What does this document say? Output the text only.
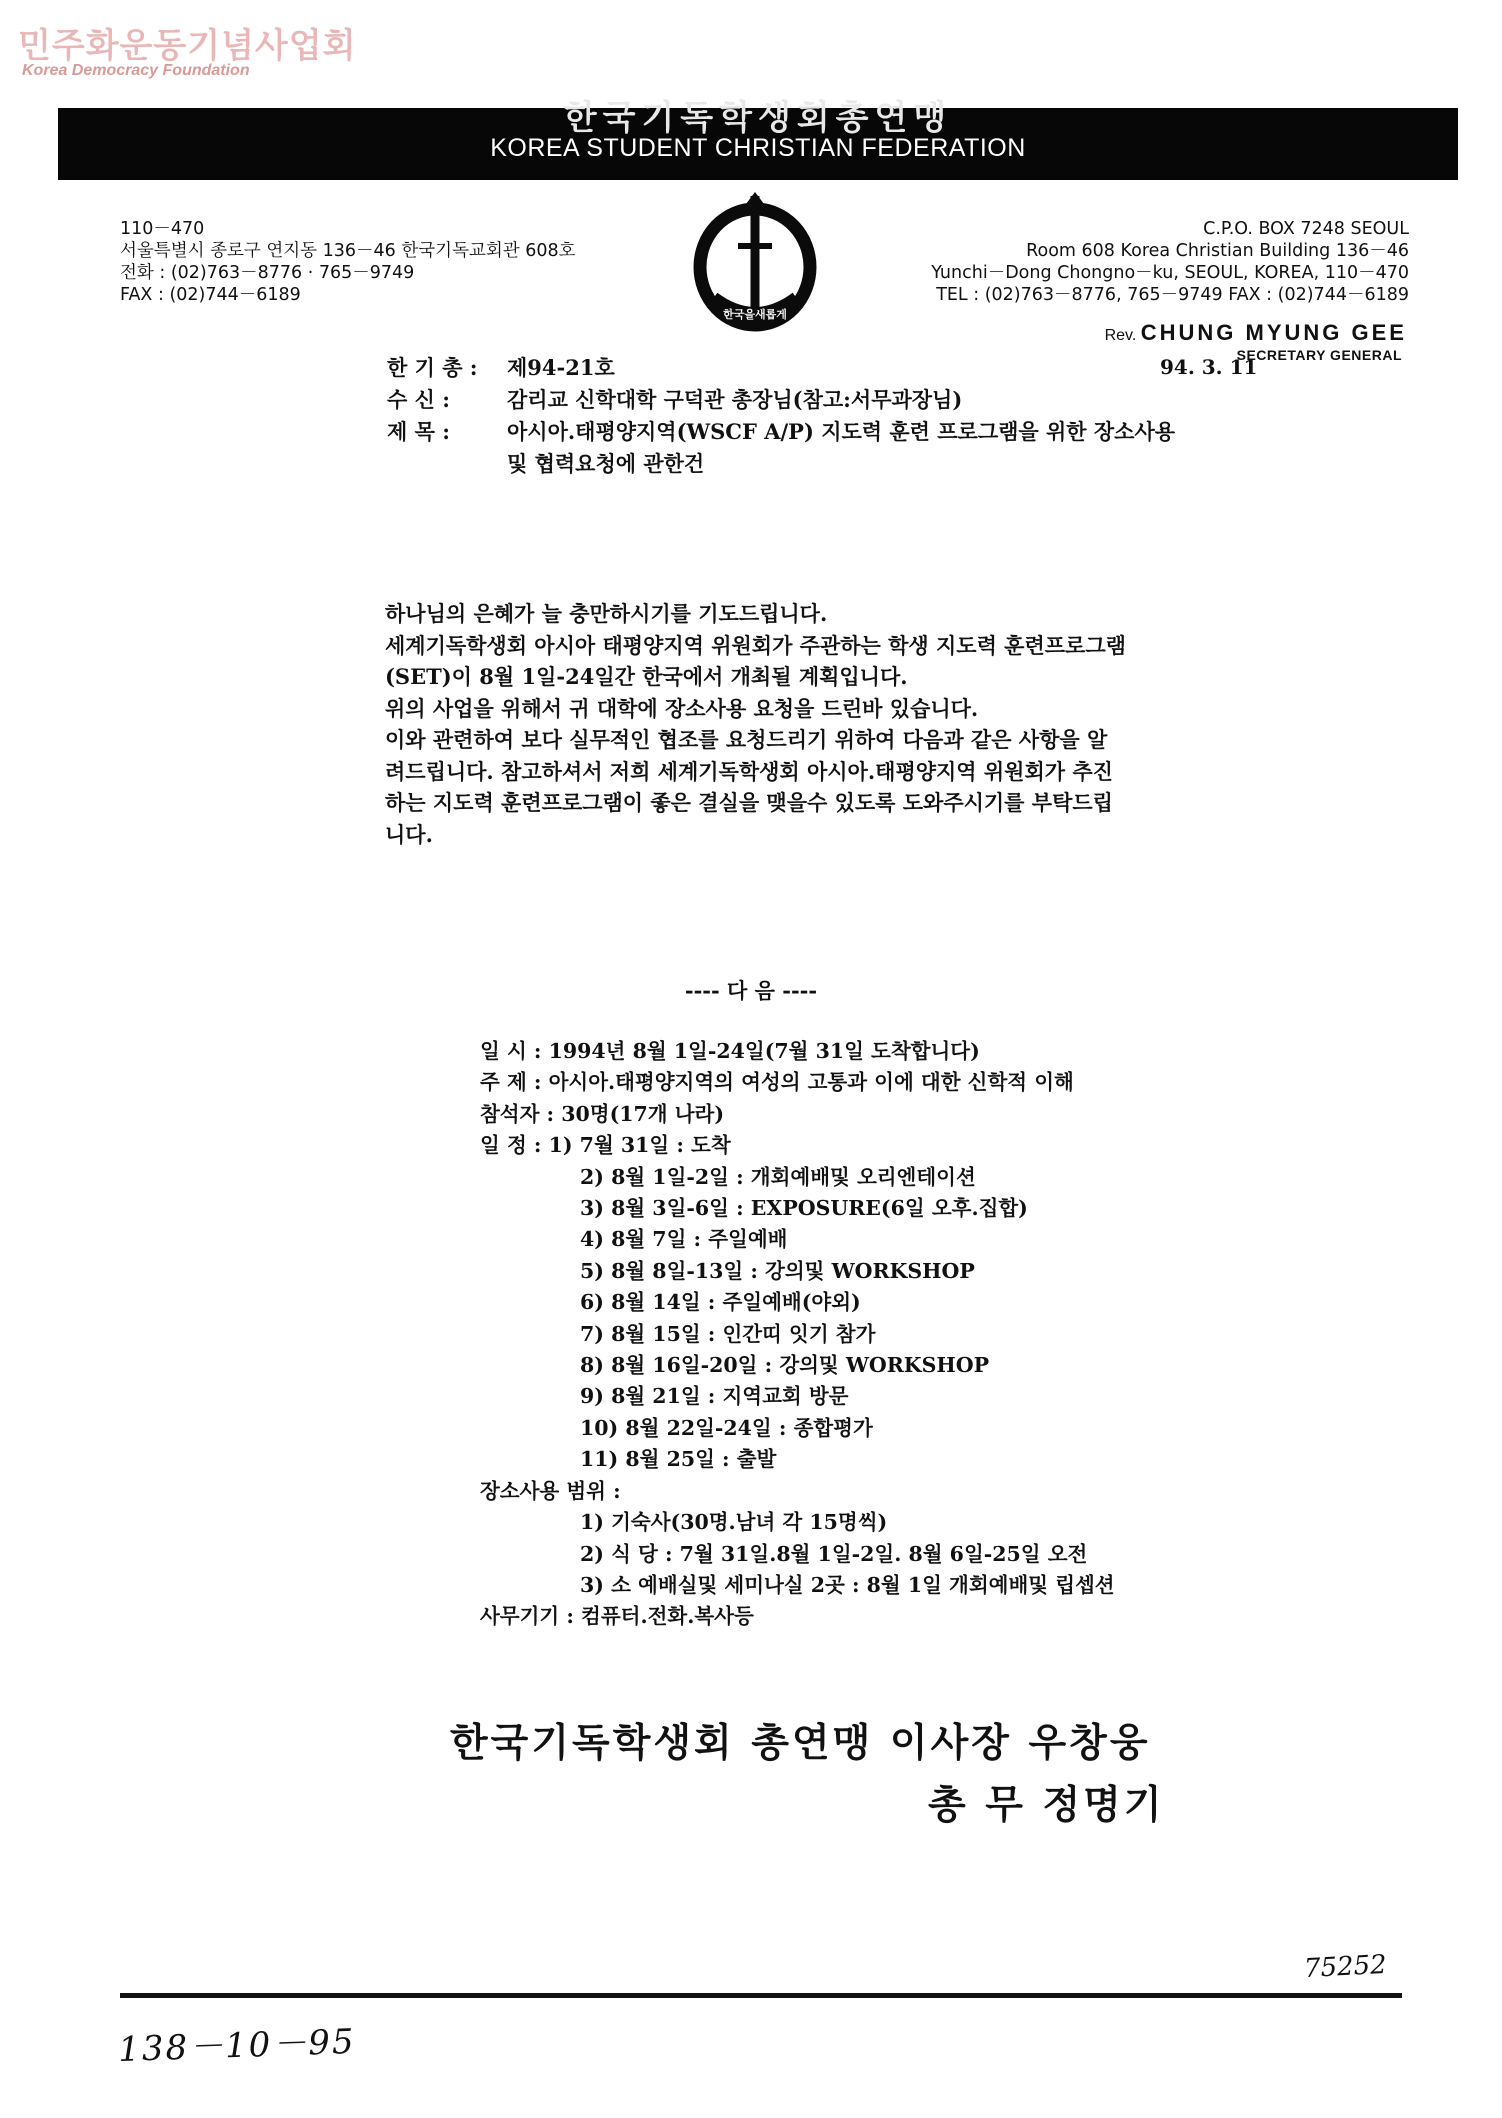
민주화운동기념사업회
Korea Democracy Foundation
한국기독학생회총연맹
KOREA STUDENT CHRISTIAN FEDERATION
110－470
서울특별시 종로구 연지동 136－46 한국기독교회관 608호
전화 : (02)763－8776 · 765－9749
FAX : (02)744－6189
C.P.O. BOX 7248 SEOUL
Room 608 Korea Christian Building 136－46
Yunchi－Dong Chongno－ku, SEOUL, KOREA, 110－470
TEL : (02)763－8776, 765－9749 FAX : (02)744－6189
한국을새롭게
Rev. CHUNG MYUNG GEE
SECRETARY GENERAL
94. 3. 11
한 기 총 : 제94-21호
수 신 :	감리교 신학대학 구덕관 총장님(참고:서무과장님)
제 목 :	아시아.태평양지역(WSCF A/P) 지도력 훈련 프로그램을 위한 장소사용
및 협력요청에 관한건
하나님의 은혜가 늘 충만하시기를 기도드립니다.
세계기독학생회 아시아 태평양지역 위원회가 주관하는 학생 지도력 훈련프로그램
(SET)이 8월 1일-24일간 한국에서 개최될 계획입니다.
위의 사업을 위해서 귀 대학에 장소사용 요청을 드린바 있습니다.
이와 관련하여 보다 실무적인 협조를 요청드리기 위하여 다음과 같은 사항을 알
려드립니다. 참고하셔서 저희 세계기독학생회 아시아.태평양지역 위원회가 추진
하는 지도력 훈련프로그램이 좋은 결실을 맺을수 있도록 도와주시기를 부탁드립
니다.
---- 다 음 ----
일 시 : 1994년 8월 1일-24일(7월 31일 도착합니다)
주 제 : 아시아.태평양지역의 여성의 고통과 이에 대한 신학적 이해
참석자 : 30명(17개 나라)
일 정 : 1) 7월 31일 : 도착
2) 8월 1일-2일 : 개회예배및 오리엔테이션
3) 8월 3일-6일 : EXPOSURE(6일 오후.집합)
4) 8월 7일 : 주일예배
5) 8월 8일-13일 : 강의및 WORKSHOP
6) 8월 14일 : 주일예배(야외)
7) 8월 15일 : 인간띠 잇기 참가
8) 8월 16일-20일 : 강의및 WORKSHOP
9) 8월 21일 : 지역교회 방문
10) 8월 22일-24일 : 종합평가
11) 8월 25일 : 출발
장소사용 범위 :
1) 기숙사(30명.남녀 각 15명씩)
2) 식 당 : 7월 31일.8월 1일-2일. 8월 6일-25일 오전
3) 소 예배실및 세미나실 2곳 : 8월 1일 개회예배및 립셉션
사무기기 : 컴퓨터.전화.복사등
한국기독학생회 총연맹 이사장 우창웅
총 무 정명기
75252
138－10－95
